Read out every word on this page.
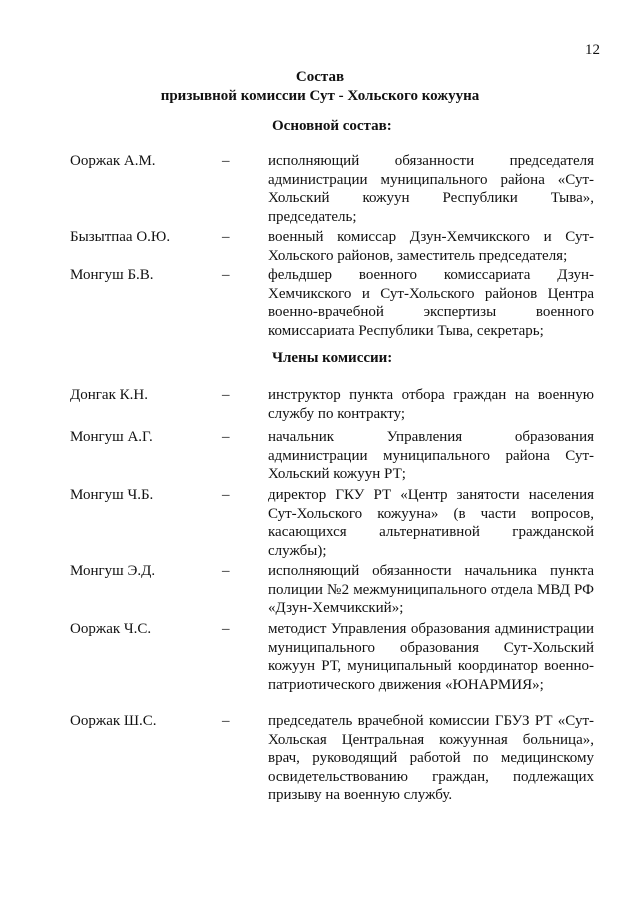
12
Состав
призывной комиссии Сут - Хольского кожууна
Основной состав:
Ооржак А.М.	–	исполняющий обязанности председателя администрации муниципального района «Сут-Хольский кожуун Республики Тыва», председатель;
Бызытпаа О.Ю.	–	военный комиссар Дзун-Хемчикского и Сут-Хольского районов, заместитель председателя;
Монгуш Б.В.	–	фельдшер военного комиссариата Дзун-Хемчикского и Сут-Хольского районов Центра военно-врачебной экспертизы военного комиссариата Республики Тыва, секретарь;
Члены комиссии:
Донгак К.Н.	–	инструктор пункта отбора граждан на военную службу по контракту;
Монгуш А.Г.	–	начальник Управления образования администрации муниципального района Сут-Хольский кожуун РТ;
Монгуш Ч.Б.	–	директор ГКУ РТ «Центр занятости населения Сут-Хольского кожууна» (в части вопросов, касающихся альтернативной гражданской службы);
Монгуш Э.Д.	–	исполняющий обязанности начальника пункта полиции №2 межмуниципального отдела МВД РФ «Дзун-Хемчикский»;
Ооржак Ч.С.	–	методист Управления образования администрации муниципального образования Сут-Хольский кожуун РТ, муниципальный координатор военно-патриотического движения «ЮНАРМИЯ»;
Ооржак Ш.С.	–	председатель врачебной комиссии ГБУЗ РТ «Сут-Хольская Центральная кожуунная больница», врач, руководящий работой по медицинскому освидетельствованию граждан, подлежащих призыву на военную службу.
